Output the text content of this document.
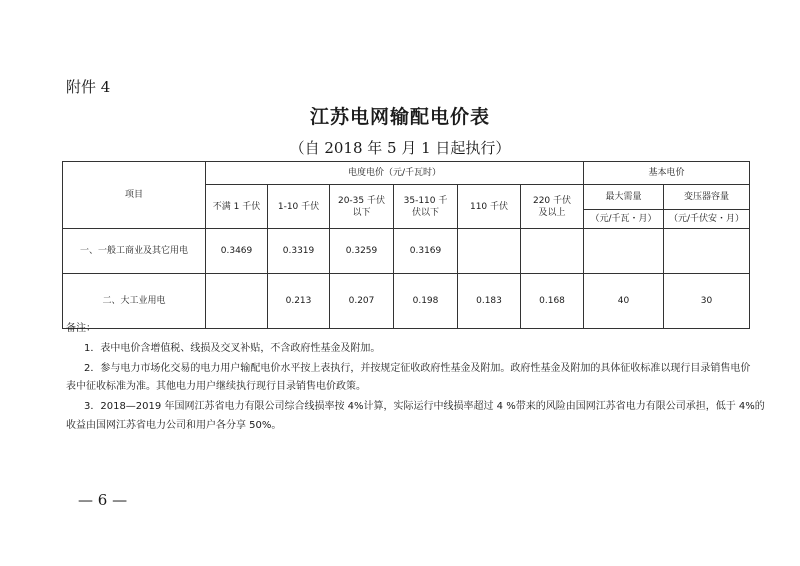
附件 4
江苏电网输配电价表
（自 2018 年 5 月 1 日起执行）
项目	电度电价（元/千瓦时）						基本电价	
	不满 1 千伏	1-10 千伏	20-35 千伏以下	35-110 千伏以下	110 千伏	220 千伏及以上	最大需量	变压器容量
							（元/千瓦・月）	（元/千伏安・月）
一、一般工商业及其它用电	0.3469	0.3319	0.3259	0.3169				
二、大工业用电		0.213	0.207	0.198	0.183	0.168	40	30
备注：
1．表中电价含增值税、线损及交叉补贴，不含政府性基金及附加。
2．参与电力市场化交易的电力用户输配电价水平按上表执行，并按规定征收政府性基金及附加。政府性基金及附加的具体征收标准以现行目录销售电价
表中征收标准为准。其他电力用户继续执行现行目录销售电价政策。
3．2018—2019 年国网江苏省电力有限公司综合线损率按 4%计算，实际运行中线损率超过 4 %带来的风险由国网江苏省电力有限公司承担，低于 4%的
收益由国网江苏省电力公司和用户各分享 50%。
— 6 —
